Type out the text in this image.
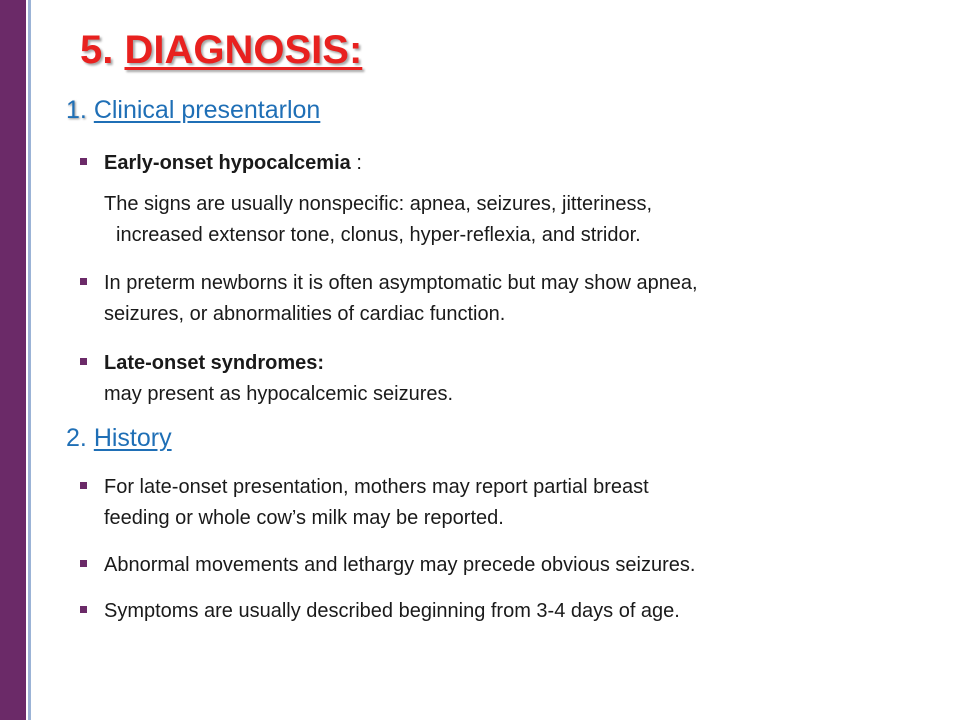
5. DIAGNOSIS:
1. Clinical presentarlon
Early-onset hypocalcemia :
The signs are usually nonspecific: apnea, seizures, jitteriness,
increased extensor tone, clonus, hyper-reflexia, and stridor.
In preterm newborns it is often asymptomatic but may show apnea,
seizures, or abnormalities of cardiac function.
Late-onset syndromes:
may present as hypocalcemic seizures.
2. History
For late-onset presentation, mothers may report partial breast
feeding or whole cow’s milk may be reported.
Abnormal movements and lethargy may precede obvious seizures.
Symptoms are usually described beginning from 3-4 days of age.
